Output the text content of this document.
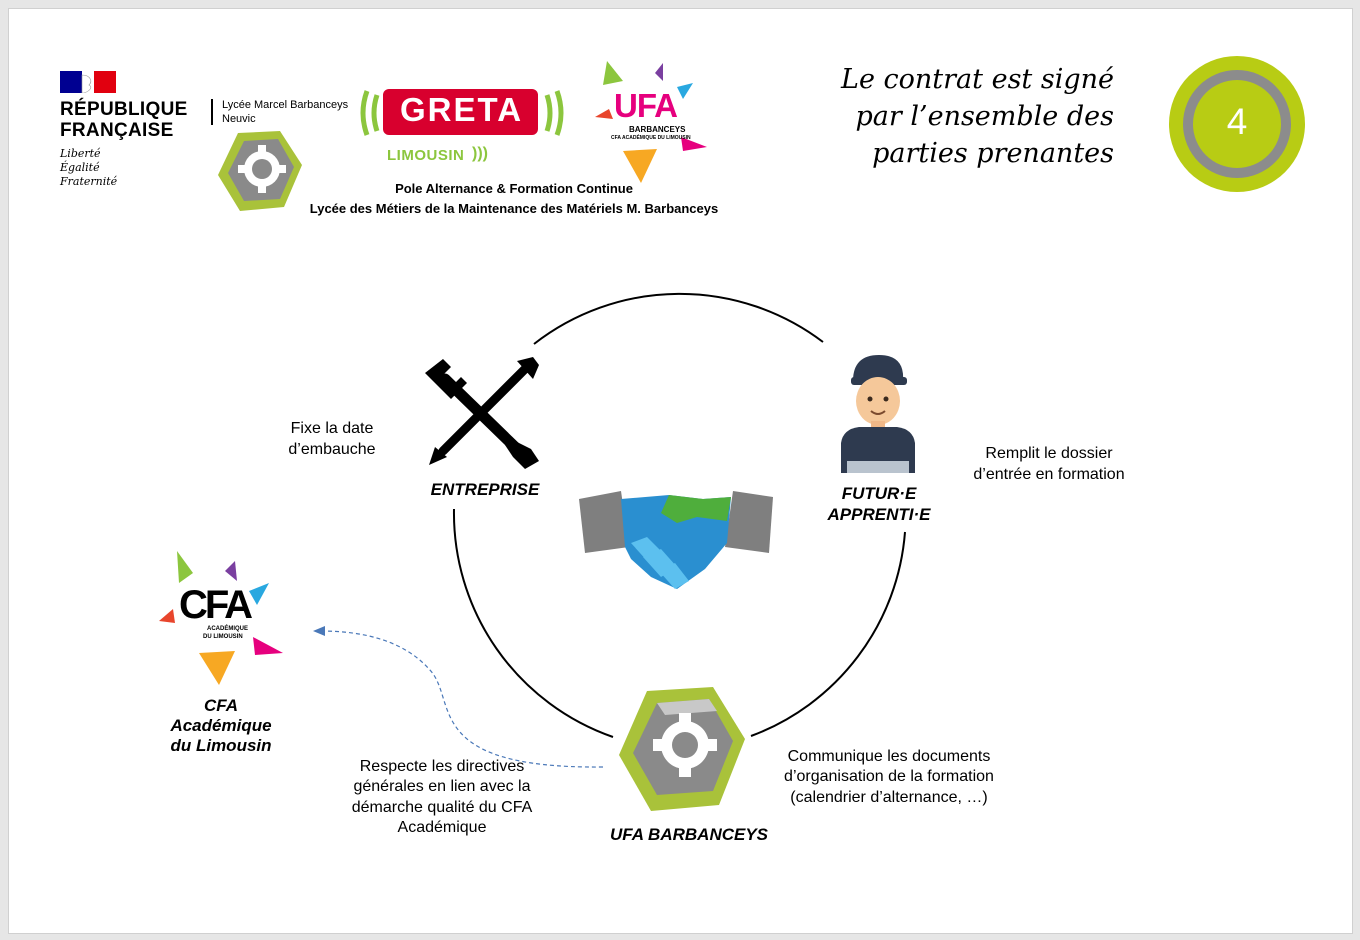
RÉPUBLIQUE
FRANÇAISE
Liberté
Égalité
Fraternité
Lycée Marcel Barbanceys
Neuvic	GRETA
LIMOUSIN )))
UFA
BARBANCEYS
CFA ACADÉMIQUE DU LIMOUSIN
Pole Alternance & Formation Continue
Lycée des Métiers de la Maintenance des Matériels M. Barbanceys
Le contrat est signé
par l’ensemble des
parties prenantes
4
ENTREPRISE
Fixe la date
d’embauche
FUTUR·E
APPRENTI·E
Remplit le dossier
d’entrée en formation
UFA BARBANCEYS
Communique les documents
d’organisation de la formation
(calendrier d’alternance, …)
CFA
ACADÉMIQUE
DU LIMOUSIN
CFA
Académique
du Limousin
Respecte les directives
générales en lien avec la
démarche qualité du CFA
Académique
